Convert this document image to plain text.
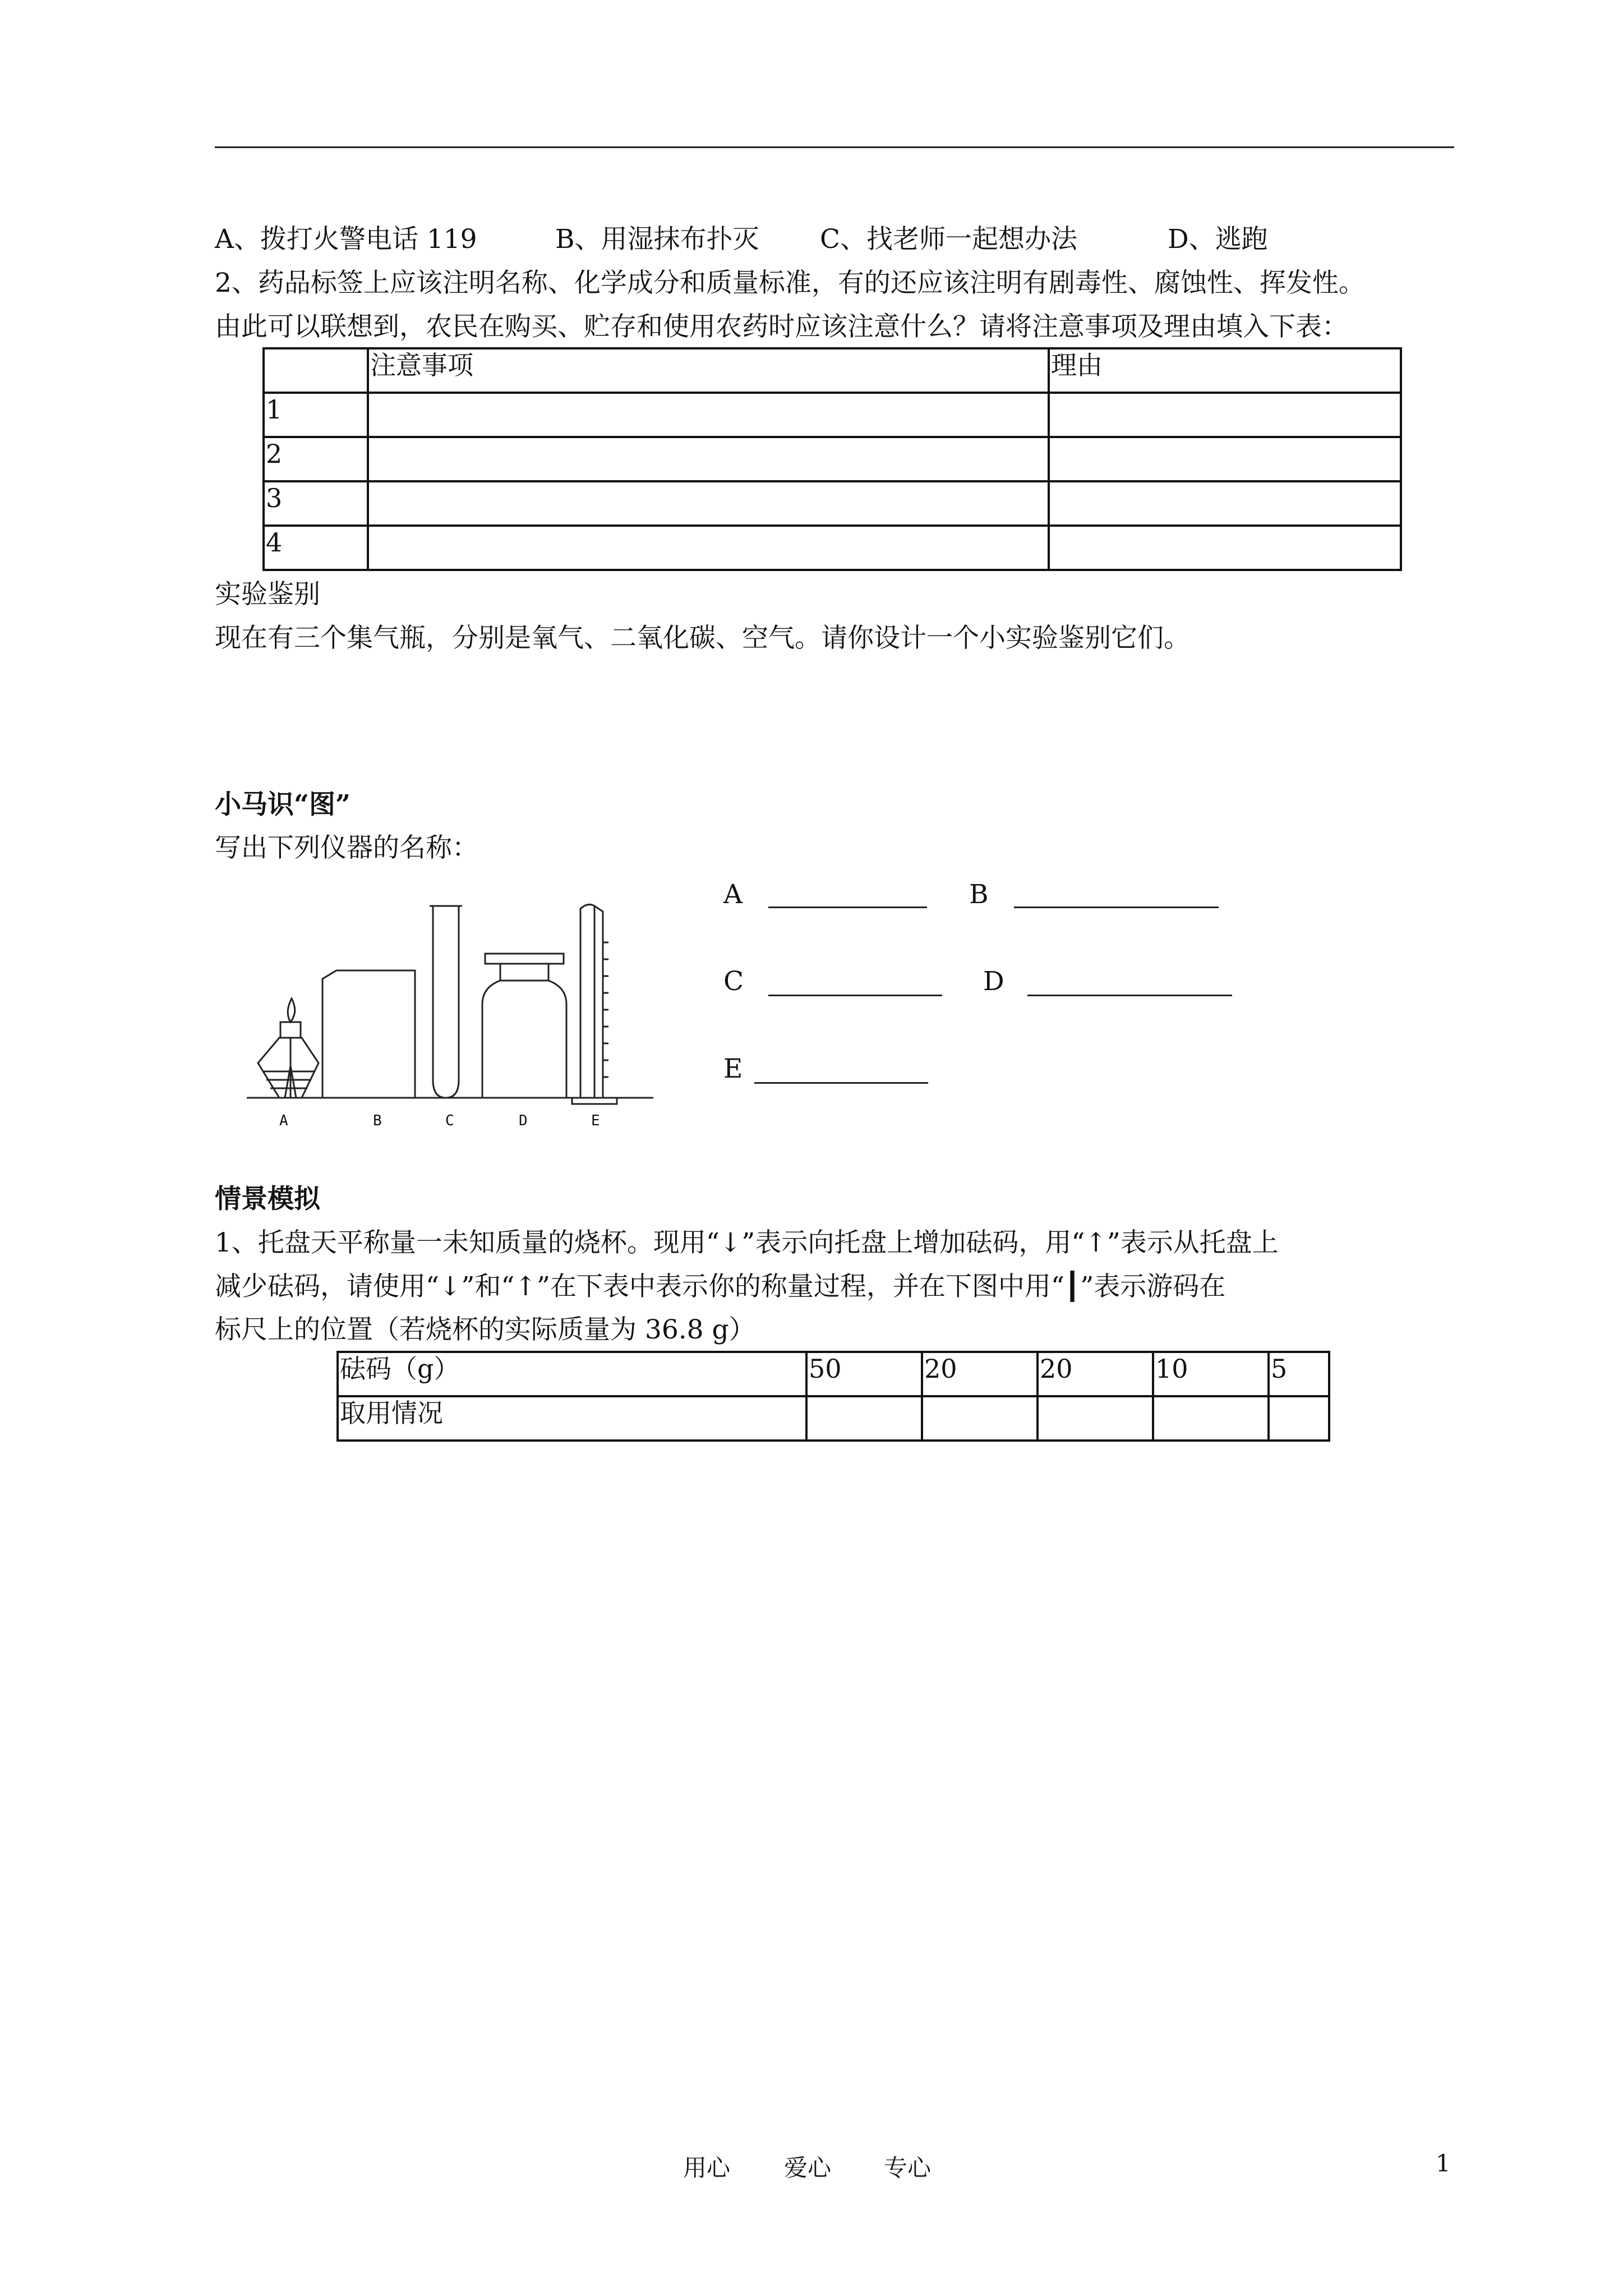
A、拨打火警电话 119	B、用湿抹布扑灭 C、找老师一起想办法	D、逃跑
2、药品标签上应该注明名称、化学成分和质量标准，有的还应该注明有剧毒性、腐蚀性、挥发性。
由此可以联想到，农民在购买、贮存和使用农药时应该注意什么？请将注意事项及理由填入下表：
	注意事项	理由
1		
2		
3		
4		
实验鉴别
现在有三个集气瓶，分别是氧气、二氧化碳、空气。请你设计一个小实验鉴别它们。
小马识“图”
写出下列仪器的名称：
A	B	C	D	E
A	B
C	D
E
情景模拟
1、托盘天平称量一未知质量的烧杯。现用“↓”表示向托盘上增加砝码，用“↑”表示从托盘上
减少砝码，请使用“↓”和“↑”在下表中表示你的称量过程，并在下图中用“┃”表示游码在
标尺上的位置（若烧杯的实际质量为 36.8 g）
砝码（g）	50	20	20	10	5
取用情况					
用心 爱心 专心	1
